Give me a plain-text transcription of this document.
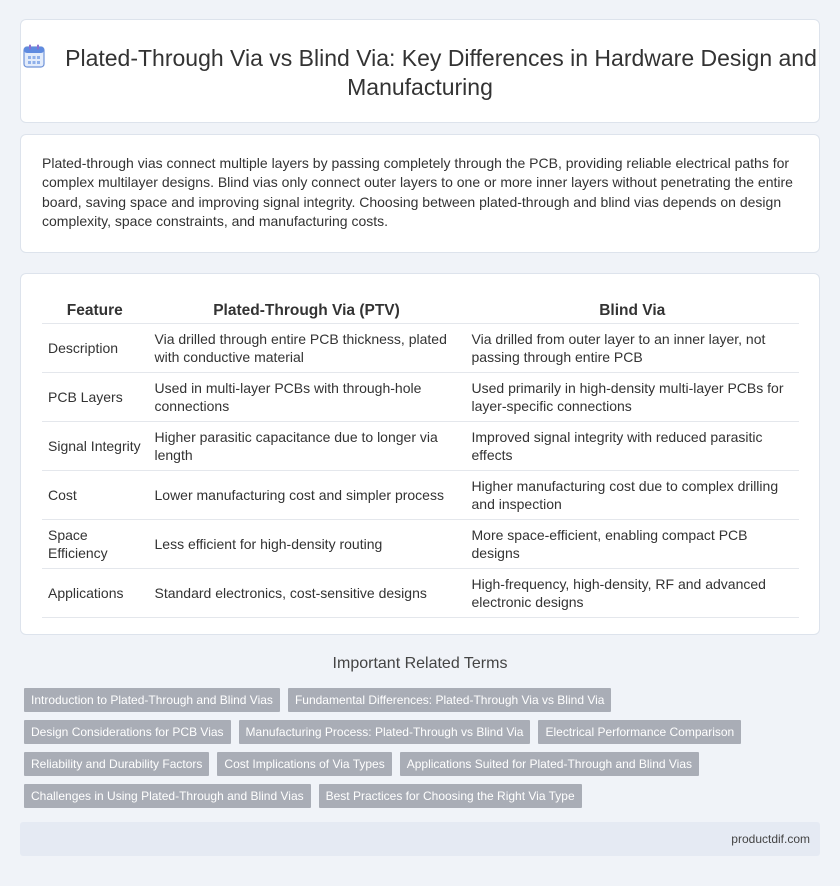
Plated-Through Via vs Blind Via: Key Differences in Hardware Design and Manufacturing

Plated-through vias connect multiple layers by passing completely through the PCB, providing reliable electrical paths for complex multilayer designs. Blind vias only connect outer layers to one or more inner layers without penetrating the entire board, saving space and improving signal integrity. Choosing between plated-through and blind vias depends on design complexity, space constraints, and manufacturing costs.

Feature	Plated-Through Via (PTV)	Blind Via
Description	Via drilled through entire PCB thickness, plated with conductive material	Via drilled from outer layer to an inner layer, not passing through entire PCB
PCB Layers	Used in multi-layer PCBs with through-hole connections	Used primarily in high-density multi-layer PCBs for layer-specific connections
Signal Integrity	Higher parasitic capacitance due to longer via length	Improved signal integrity with reduced parasitic effects
Cost	Lower manufacturing cost and simpler process	Higher manufacturing cost due to complex drilling and inspection
Space Efficiency	Less efficient for high-density routing	More space-efficient, enabling compact PCB designs
Applications	Standard electronics, cost-sensitive designs	High-frequency, high-density, RF and advanced electronic designs
Important Related Terms
Introduction to Plated-Through and Blind Vias	Fundamental Differences: Plated-Through Via vs Blind Via
Design Considerations for PCB Vias	Manufacturing Process: Plated-Through vs Blind Via	Electrical Performance Comparison
Reliability and Durability Factors	Cost Implications of Via Types	Applications Suited for Plated-Through and Blind Vias
Challenges in Using Plated-Through and Blind Vias	Best Practices for Choosing the Right Via Type
productdif.com
